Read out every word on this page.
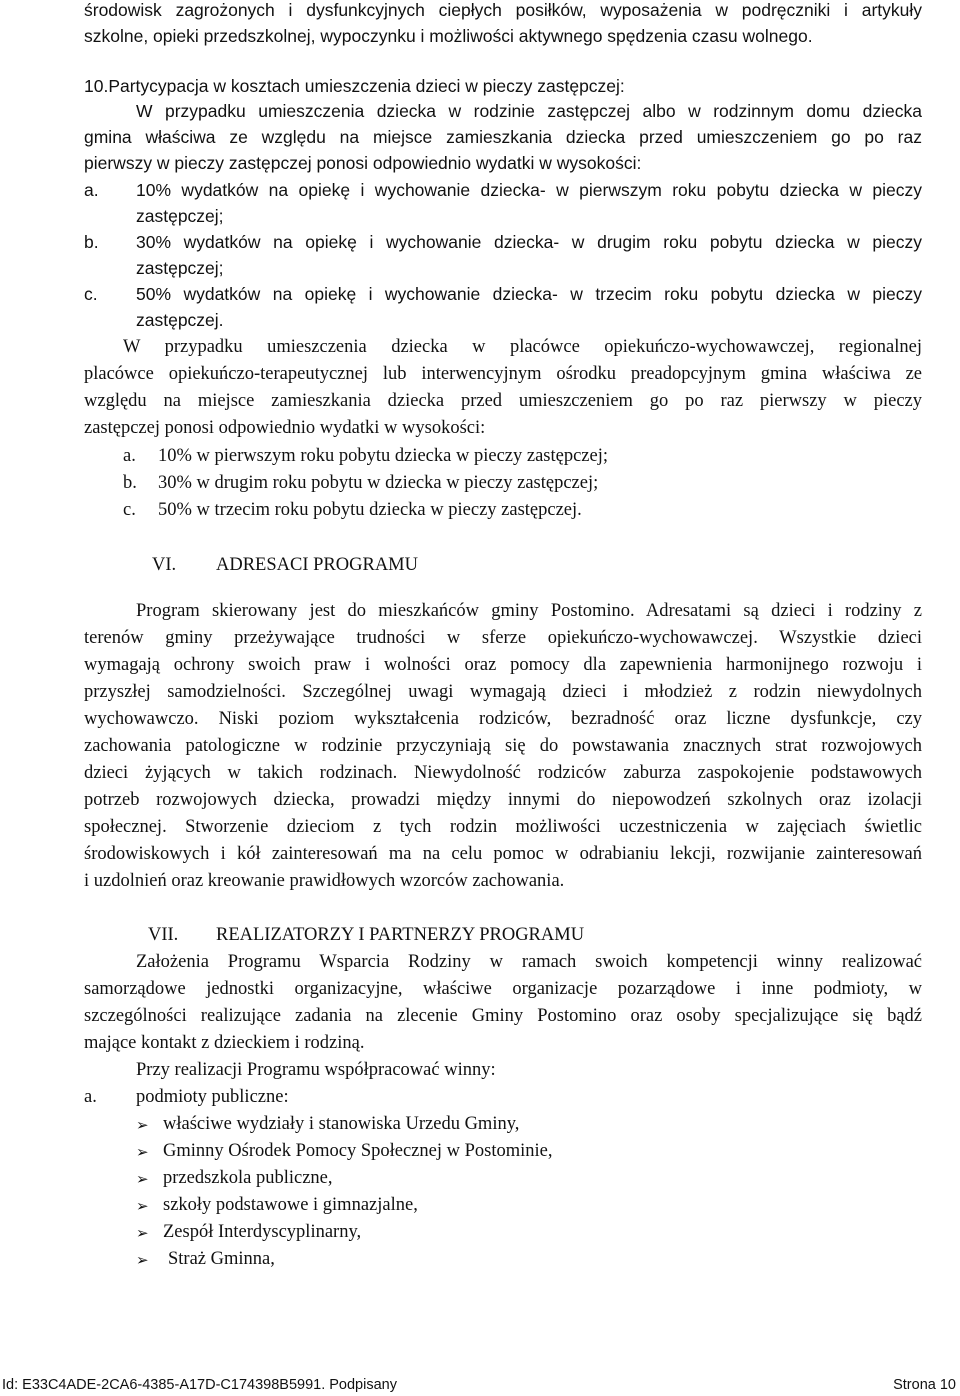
środowisk zagrożonych i dysfunkcyjnych ciepłych posiłków, wyposażenia w podręczniki i artykuły
szkolne, opieki przedszkolnej, wypoczynku i możliwości aktywnego spędzenia czasu wolnego.
10.Partycypacja w kosztach umieszczenia dzieci w pieczy zastępczej:
W przypadku umieszczenia dziecka w rodzinie zastępczej albo w rodzinnym domu dziecka
gmina właściwa ze względu na miejsce zamieszkania dziecka przed umieszczeniem go po raz
pierwszy w pieczy zastępczej ponosi odpowiednio wydatki w wysokości:
a. 10% wydatków na opiekę i wychowanie dziecka- w pierwszym roku pobytu dziecka w pieczy
zastępczej;
b. 30% wydatków na opiekę i wychowanie dziecka- w drugim roku pobytu dziecka w pieczy
zastępczej;
c. 50% wydatków na opiekę i wychowanie dziecka- w trzecim roku pobytu dziecka w pieczy
zastępczej.
W przypadku umieszczenia dziecka w placówce opiekuńczo-wychowawczej, regionalnej
placówce opiekuńczo-terapeutycznej lub interwencyjnym ośrodku preadopcyjnym gmina właściwa ze
względu na miejsce zamieszkania dziecka przed umieszczeniem go po raz pierwszy w pieczy
zastępczej ponosi odpowiednio wydatki w wysokości:
a. 10% w pierwszym roku pobytu dziecka w pieczy zastępczej;
b. 30% w drugim roku pobytu w dziecka w pieczy zastępczej;
c. 50% w trzecim roku pobytu dziecka w pieczy zastępczej.
VI. ADRESACI PROGRAMU
Program skierowany jest do mieszkańców gminy Postomino. Adresatami są dzieci i rodziny z
terenów gminy przeżywające trudności w sferze opiekuńczo-wychowawczej. Wszystkie dzieci
wymagają ochrony swoich praw i wolności oraz pomocy dla zapewnienia harmonijnego rozwoju i
przyszłej samodzielności. Szczególnej uwagi wymagają dzieci i młodzież z rodzin niewydolnych
wychowawczo. Niski poziom wykształcenia rodziców, bezradność oraz liczne dysfunkcje, czy
zachowania patologiczne w rodzinie przyczyniają się do powstawania znacznych strat rozwojowych
dzieci żyjących w takich rodzinach. Niewydolność rodziców zaburza zaspokojenie podstawowych
potrzeb rozwojowych dziecka, prowadzi między innymi do niepowodzeń szkolnych oraz izolacji
społecznej. Stworzenie dzieciom z tych rodzin możliwości uczestniczenia w zajęciach świetlic
środowiskowych i kół zainteresowań ma na celu pomoc w odrabianiu lekcji, rozwijanie zainteresowań
i uzdolnień oraz kreowanie prawidłowych wzorców zachowania.
VII. REALIZATORZY I PARTNERZY PROGRAMU
Założenia Programu Wsparcia Rodziny w ramach swoich kompetencji winny realizować
samorządowe jednostki organizacyjne, właściwe organizacje pozarządowe i inne podmioty, w
szczególności realizujące zadania na zlecenie Gminy Postomino oraz osoby specjalizujące się bądź
mające kontakt z dzieckiem i rodziną.
Przy realizacji Programu współpracować winny:
a. podmioty publiczne:
➢ właściwe wydziały i stanowiska Urzedu Gminy,
➢ Gminny Ośrodek Pomocy Społecznej w Postominie,
➢ przedszkola publiczne,
➢ szkoły podstawowe i gimnazjalne,
➢ Zespół Interdyscyplinarny,
➢ Straż Gminna,
Id: E33C4ADE-2CA6-4385-A17D-C174398B5991. Podpisany	Strona 10
